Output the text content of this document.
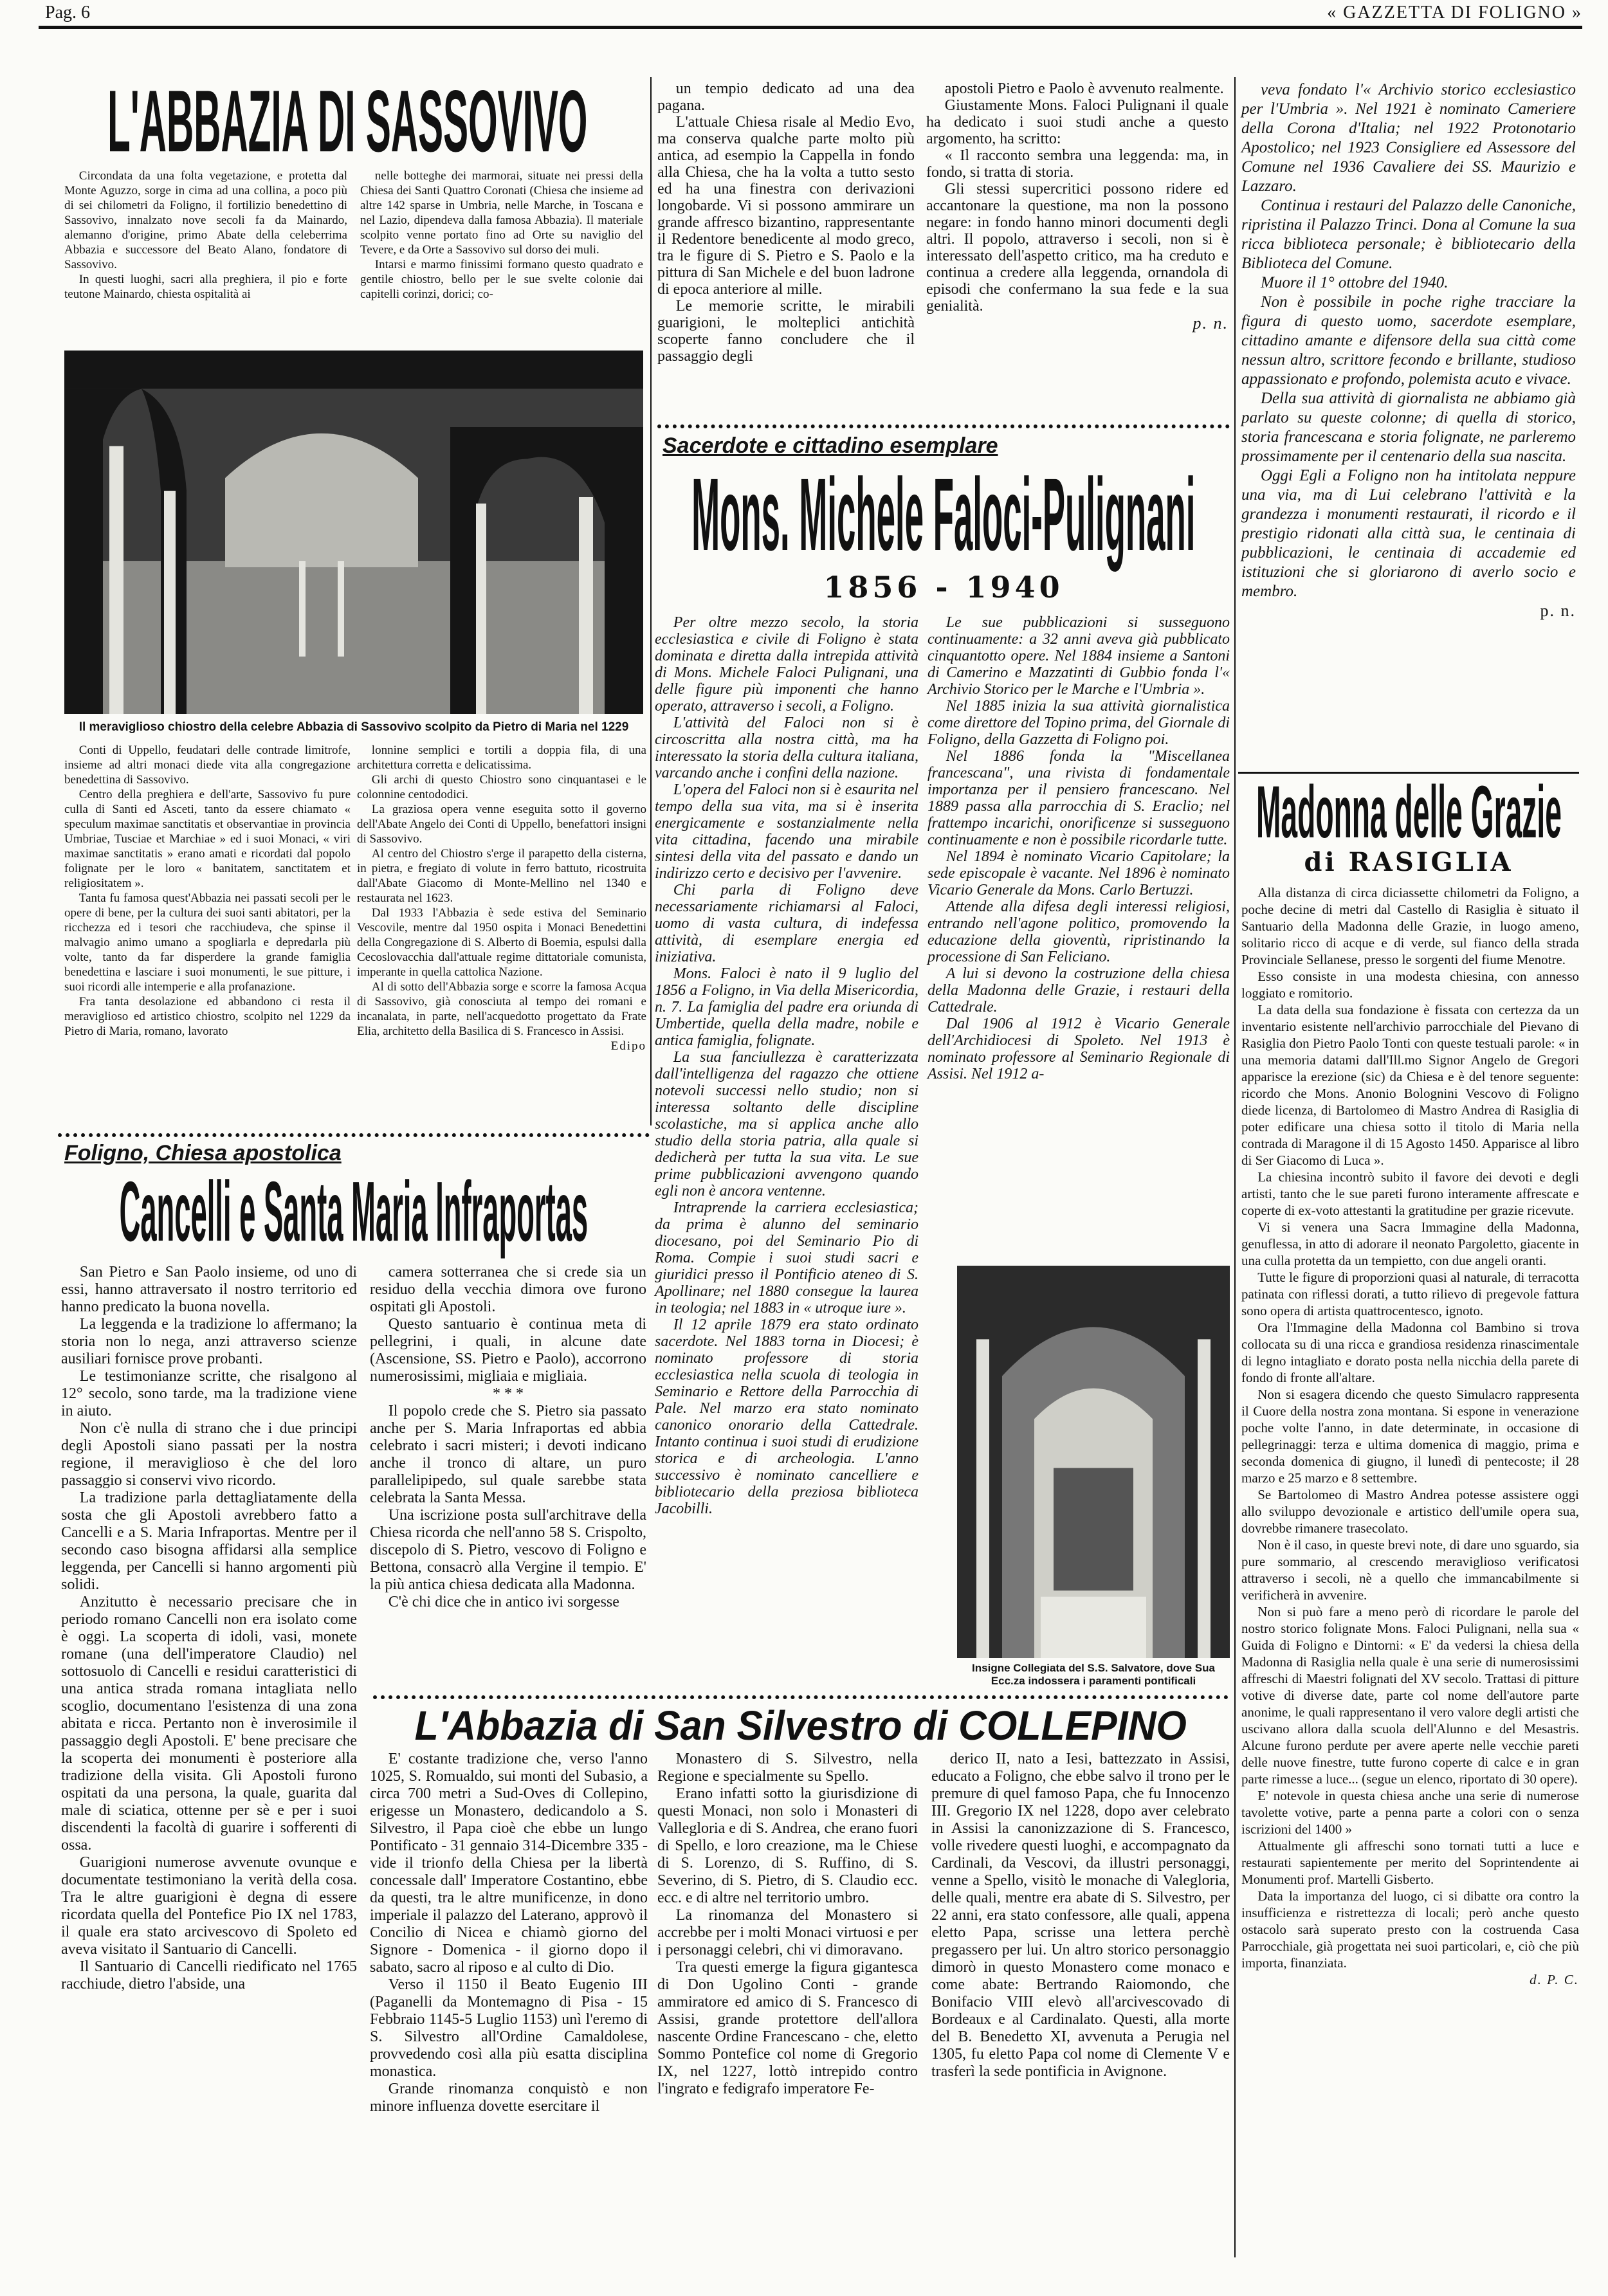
Pag. 6	« GAZZETTA DI FOLIGNO »
L'ABBAZIA DI SASSOVIVO

Circondata da una folta vegetazione, e protetta dal Monte Aguzzo, sorge in cima ad una collina, a poco più di sei chilometri da Foligno, il fortilizio benedettino di Sassovivo, innalzato nove secoli fa da Mainardo, alemanno d'origine, primo Abate della celeberrima Abbazia e successore del Beato Alano, fondatore di Sassovivo.

In questi luoghi, sacri alla preghiera, il pio e forte teutone Mainardo, chiesta ospitalità ai

nelle botteghe dei marmorai, situate nei pressi della Chiesa dei Santi Quattro Coronati (Chiesa che insieme ad altre 142 sparse in Umbria, nelle Marche, in Toscana e nel Lazio, dipendeva dalla famosa Abbazia). Il materiale scolpito venne portato fino ad Orte su naviglio del Tevere, e da Orte a Sassovivo sul dorso dei muli.

Intarsi e marmo finissimi formano questo quadrato e gentile chiostro, bello per le sue svelte colonie dai capitelli corinzi, dorici; co-

Il meraviglioso chiostro della celebre Abbazia di Sassovivo scolpito da Pietro di Maria nel 1229

Conti di Uppello, feudatari delle contrade limitrofe, insieme ad altri monaci diede vita alla congregazione benedettina di Sassovivo.

Centro della preghiera e dell'arte, Sassovivo fu pure culla di Santi ed Asceti, tanto da essere chiamato « speculum maximae sanctitatis et observantiae in provincia Umbriae, Tusciae et Marchiae » ed i suoi Monaci, « viri maximae sanctitatis » erano amati e ricordati dal popolo folignate per le loro « banitatem, sanctitatem et religiositatem ».

Tanta fu famosa quest'Abbazia nei passati secoli per le opere di bene, per la cultura dei suoi santi abitatori, per la ricchezza ed i tesori che racchiudeva, che spinse il malvagio animo umano a spogliarla e depredarla più volte, tanto da far disperdere la grande famiglia benedettina e lasciare i suoi monumenti, le sue pitture, i suoi ricordi alle intemperie e alla profanazione.

Fra tanta desolazione ed abbandono ci resta il meraviglioso ed artistico chiostro, scolpito nel 1229 da Pietro di Maria, romano, lavorato

lonnine semplici e tortili a doppia fila, di una architettura corretta e delicatissima.

Gli archi di questo Chiostro sono cinquantasei e le colonnine centododici.

La graziosa opera venne eseguita sotto il governo dell'Abate Angelo dei Conti di Uppello, benefattori insigni di Sassovivo.

Al centro del Chiostro s'erge il parapetto della cisterna, in pietra, e fregiato di volute in ferro battuto, ricostruita dall'Abate Giacomo di Monte-Mellino nel 1340 e restaurata nel 1623.

Dal 1933 l'Abbazia è sede estiva del Seminario Vescovile, mentre dal 1950 ospita i Monaci Benedettini della Congregazione di S. Alberto di Boemia, espulsi dalla Cecoslovacchia dall'attuale regime dittatoriale comunista, imperante in quella cattolica Nazione.

Al di sotto dell'Abbazia sorge e scorre la famosa Acqua di Sassovivo, già conosciuta al tempo dei romani e incanalata, in parte, nell'acquedotto progettato da Frate Elia, architetto della Basilica di S. Francesco in Assisi.

Edipo
Foligno, Chiesa apostolica
Cancelli e Santa Maria Infraportas

San Pietro e San Paolo insieme, od uno di essi, hanno attraversato il nostro territorio ed hanno predicato la buona novella.

La leggenda e la tradizione lo affermano; la storia non lo nega, anzi attraverso scienze ausiliari fornisce prove probanti.

Le testimonianze scritte, che risalgono al 12° secolo, sono tarde, ma la tradizione viene in aiuto.

Non c'è nulla di strano che i due principi degli Apostoli siano passati per la nostra regione, il meraviglioso è che del loro passaggio si conservi vivo ricordo.

La tradizione parla dettagliatamente della sosta che gli Apostoli avrebbero fatto a Cancelli e a S. Maria Infraportas. Mentre per il secondo caso bisogna affidarsi alla semplice leggenda, per Cancelli si hanno argomenti più solidi.

Anzitutto è necessario precisare che in periodo romano Cancelli non era isolato come è oggi. La scoperta di idoli, vasi, monete romane (una dell'imperatore Claudio) nel sottosuolo di Cancelli e residui caratteristici di una antica strada romana intagliata nello scoglio, documentano l'esistenza di una zona abitata e ricca. Pertanto non è inverosimile il passaggio degli Apostoli. E' bene precisare che la scoperta dei monumenti è posteriore alla tradizione della visita. Gli Apostoli furono ospitati da una persona, la quale, guarita dal male di sciatica, ottenne per sè e per i suoi discendenti la facoltà di guarire i sofferenti di ossa.

Guarigioni numerose avvenute ovunque e documentate testimoniano la verità della cosa. Tra le altre guarigioni è degna di essere ricordata quella del Pontefice Pio IX nel 1783, il quale era stato arcivescovo di Spoleto ed aveva visitato il Santuario di Cancelli.

Il Santuario di Cancelli riedificato nel 1765 racchiude, dietro l'abside, una

camera sotterranea che si crede sia un residuo della vecchia dimora ove furono ospitati gli Apostoli.

Questo santuario è continua meta di pellegrini, i quali, in alcune date (Ascensione, SS. Pietro e Paolo), accorrono numerosissimi, migliaia e migliaia.

* * *

Il popolo crede che S. Pietro sia passato anche per S. Maria Infraportas ed abbia celebrato i sacri misteri; i devoti indicano anche il tronco di altare, un puro parallelipipedo, sul quale sarebbe stata celebrata la Santa Messa.

Una iscrizione posta sull'architrave della Chiesa ricorda che nell'anno 58 S. Crispolto, discepolo di S. Pietro, vescovo di Foligno e Bettona, consacrò alla Vergine il tempio. E' la più antica chiesa dedicata alla Madonna.

C'è chi dice che in antico ivi sorgesse

un tempio dedicato ad una dea pagana.

L'attuale Chiesa risale al Medio Evo, ma conserva qualche parte molto più antica, ad esempio la Cappella in fondo alla Chiesa, che ha la volta a tutto sesto ed ha una finestra con derivazioni longobarde. Vi si possono ammirare un grande affresco bizantino, rappresentante il Redentore benedicente al modo greco, tra le figure di S. Pietro e S. Paolo e la pittura di San Michele e del buon ladrone di epoca anteriore al mille.

Le memorie scritte, le mirabili guarigioni, le molteplici antichità scoperte fanno concludere che il passaggio degli

apostoli Pietro e Paolo è avvenuto realmente.

Giustamente Mons. Faloci Pulignani il quale ha dedicato i suoi studi anche a questo argomento, ha scritto:

« Il racconto sembra una leggenda: ma, in fondo, si tratta di storia.

Gli stessi supercritici possono ridere ed accantonare la questione, ma non la possono negare: in fondo hanno minori documenti degli altri. Il popolo, attraverso i secoli, non si è interessato dell'aspetto critico, ma ha creduto e continua a credere alla leggenda, ornandola di episodi che confermano la sua fede e la sua genialità.

p. n.
Sacerdote e cittadino esemplare
Mons. Michele Faloci-Pulignani
1856 - 1940

Per oltre mezzo secolo, la storia ecclesiastica e civile di Foligno è stata dominata e diretta dalla intrepida attività di Mons. Michele Faloci Pulignani, una delle figure più imponenti che hanno operato, attraverso i secoli, a Foligno.

L'attività del Faloci non si è circoscritta alla nostra città, ma ha interessato la storia della cultura italiana, varcando anche i confini della nazione.

L'opera del Faloci non si è esaurita nel tempo della sua vita, ma si è inserita energicamente e sostanzialmente nella vita cittadina, facendo una mirabile sintesi della vita del passato e dando un indirizzo certo e decisivo per l'avvenire.

Chi parla di Foligno deve necessariamente richiamarsi al Faloci, uomo di vasta cultura, di indefessa attività, di esemplare energia ed iniziativa.

Mons. Faloci è nato il 9 luglio del 1856 a Foligno, in Via della Misericordia, n. 7. La famiglia del padre era oriunda di Umbertide, quella della madre, nobile e antica famiglia, folignate.

La sua fanciullezza è caratterizzata dall'intelligenza del ragazzo che ottiene notevoli successi nello studio; non si interessa soltanto delle discipline scolastiche, ma si applica anche allo studio della storia patria, alla quale si dedicherà per tutta la sua vita. Le sue prime pubblicazioni avvengono quando egli non è ancora ventenne.

Intraprende la carriera ecclesiastica; da prima è alunno del seminario diocesano, poi del Seminario Pio di Roma. Compie i suoi studi sacri e giuridici presso il Pontificio ateneo di S. Apollinare; nel 1880 consegue la laurea in teologia; nel 1883 in « utroque iure ».

Il 12 aprile 1879 era stato ordinato sacerdote. Nel 1883 torna in Diocesi; è nominato professore di storia ecclesiastica nella scuola di teologia in Seminario e Rettore della Parrocchia di Pale. Nel marzo era stato nominato canonico onorario della Cattedrale. Intanto continua i suoi studi di erudizione storica e di archeologia. L'anno successivo è nominato cancelliere e bibliotecario della preziosa biblioteca Jacobilli.

Le sue pubblicazioni si susseguono continuamente: a 32 anni aveva già pubblicato cinquantotto opere. Nel 1884 insieme a Santoni di Camerino e Mazzatinti di Gubbio fonda l'« Archivio Storico per le Marche e l'Umbria ».

Nel 1885 inizia la sua attività giornalistica come direttore del Topino prima, del Giornale di Foligno, della Gazzetta di Foligno poi.

Nel 1886 fonda la "Miscellanea francescana", una rivista di fondamentale importanza per il pensiero francescano. Nel 1889 passa alla parrocchia di S. Eraclio; nel frattempo incarichi, onorificenze si susseguono continuamente e non è possibile ricordarle tutte.

Nel 1894 è nominato Vicario Capitolare; la sede episcopale è vacante. Nel 1896 è nominato Vicario Generale da Mons. Carlo Bertuzzi.

Attende alla difesa degli interessi religiosi, entrando nell'agone politico, promovendo la educazione della gioventù, ripristinando la processione di San Feliciano.

A lui si devono la costruzione della chiesa della Madonna delle Grazie, i restauri della Cattedrale.

Dal 1906 al 1912 è Vicario Generale dell'Archidiocesi di Spoleto. Nel 1913 è nominato professore al Seminario Regionale di Assisi. Nel 1912 a-

Insigne Collegiata del S.S. Salvatore, dove Sua Ecc.za indossera i paramenti pontificali

veva fondato l'« Archivio storico ecclesiastico per l'Umbria ». Nel 1921 è nominato Cameriere della Corona d'Italia; nel 1922 Protonotario Apostolico; nel 1923 Consigliere ed Assessore del Comune nel 1936 Cavaliere dei SS. Maurizio e Lazzaro.

Continua i restauri del Palazzo delle Canoniche, ripristina il Palazzo Trinci. Dona al Comune la sua ricca biblioteca personale; è bibliotecario della Biblioteca del Comune.

Muore il 1° ottobre del 1940.

Non è possibile in poche righe tracciare la figura di questo uomo, sacerdote esemplare, cittadino amante e difensore della sua città come nessun altro, scrittore fecondo e brillante, studioso appassionato e profondo, polemista acuto e vivace.

Della sua attività di giornalista ne abbiamo già parlato su queste colonne; di quella di storico, storia francescana e storia folignate, ne parleremo prossimamente per il centenario della sua nascita.

Oggi Egli a Foligno non ha intitolata neppure una via, ma di Lui celebrano l'attività e la grandezza i monumenti restaurati, il ricordo e il prestigio ridonati alla città sua, le centinaia di pubblicazioni, le centinaia di accademie ed istituzioni che si gloriarono di averlo socio e membro.

p. n.
Madonna delle Grazie
di RASIGLIA

Alla distanza di circa diciassette chilometri da Foligno, a poche decine di metri dal Castello di Rasiglia è situato il Santuario della Madonna delle Grazie, in luogo ameno, solitario ricco di acque e di verde, sul fianco della strada Provinciale Sellanese, presso le sorgenti del fiume Menotre.

Esso consiste in una modesta chiesina, con annesso loggiato e romitorio.

La data della sua fondazione è fissata con certezza da un inventario esistente nell'archivio parrocchiale del Pievano di Rasiglia don Pietro Paolo Tonti con queste testuali parole: « in una memoria datami dall'Ill.mo Signor Angelo de Gregori apparisce la erezione (sic) da Chiesa e è del tenore seguente: ricordo che Mons. Anonio Bolognini Vescovo di Foligno diede licenza, di Bartolomeo di Mastro Andrea di Rasiglia di poter edificare una chiesa sotto il titolo di Maria nella contrada di Maragone il di 15 Agosto 1450. Apparisce al libro di Ser Giacomo di Luca ».

La chiesina incontrò subito il favore dei devoti e degli artisti, tanto che le sue pareti furono interamente affrescate e coperte di ex-voto attestanti la gratitudine per grazie ricevute.

Vi si venera una Sacra Immagine della Madonna, genuflessa, in atto di adorare il neonato Pargoletto, giacente in una culla protetta da un tempietto, con due angeli oranti.

Tutte le figure di proporzioni quasi al naturale, di terracotta patinata con riflessi dorati, a tutto rilievo di pregevole fattura sono opera di artista quattrocentesco, ignoto.

Ora l'Immagine della Madonna col Bambino si trova collocata su di una ricca e grandiosa residenza rinascimentale di legno intagliato e dorato posta nella nicchia della parete di fondo di fronte all'altare.

Non si esagera dicendo che questo Simulacro rappresenta il Cuore della nostra zona montana. Si espone in venerazione poche volte l'anno, in date determinate, in occasione di pellegrinaggi: terza e ultima domenica di maggio, prima e seconda domenica di giugno, il lunedì di pentecoste; il 28 marzo e 25 marzo e 8 settembre.

Se Bartolomeo di Mastro Andrea potesse assistere oggi allo sviluppo devozionale e artistico dell'umile opera sua, dovrebbe rimanere trasecolato.

Non è il caso, in queste brevi note, di dare uno sguardo, sia pure sommario, al crescendo meraviglioso verificatosi attraverso i secoli, nè a quello che immancabilmente si verificherà in avvenire.

Non si può fare a meno però di ricordare le parole del nostro storico folignate Mons. Faloci Pulignani, nella sua « Guida di Foligno e Dintorni: « E' da vedersi la chiesa della Madonna di Rasiglia nella quale è una serie di numerosissimi affreschi di Maestri folignati del XV secolo. Trattasi di pitture votive di diverse date, parte col nome dell'autore parte anonime, le quali rappresentano il vero valore degli artisti che uscivano allora dalla scuola dell'Alunno e del Mesastris. Alcune furono perdute per avere aperte nelle vecchie pareti delle nuove finestre, tutte furono coperte di calce e in gran parte rimesse a luce... (segue un elenco, riportato di 30 opere).

E' notevole in questa chiesa anche una serie di numerose tavolette votive, parte a penna parte a colori con o senza iscrizioni del 1400 »

Attualmente gli affreschi sono tornati tutti a luce e restaurati sapientemente per merito del Soprintendente ai Monumenti prof. Martelli Gisberto.

Data la importanza del luogo, ci si dibatte ora contro la insufficienza e ristrettezza di locali; però anche questo ostacolo sarà superato presto con la costruenda Casa Parrocchiale, già progettata nei suoi particolari, e, ciò che più importa, finanziata.

d. P. C.
L'Abbazia di San Silvestro di COLLEPINO

E' costante tradizione che, verso l'anno 1025, S. Romualdo, sui monti del Subasio, a circa 700 metri a Sud-Oves di Collepino, erigesse un Monastero, dedicandolo a S. Silvestro, il Papa cioè che ebbe un lungo Pontificato - 31 gennaio 314-Dicembre 335 - vide il trionfo della Chiesa per la libertà concessale dall' Imperatore Costantino, ebbe da questi, tra le altre munificenze, in dono imperiale il palazzo del Laterano, approvò il Concilio di Nicea e chiamò giorno del Signore - Domenica - il giorno dopo il sabato, sacro al riposo e al culto di Dio.

Verso il 1150 il Beato Eugenio III (Paganelli da Montemagno di Pisa - 15 Febbraio 1145-5 Luglio 1153) unì l'eremo di S. Silvestro all'Ordine Camaldolese, provvedendo così alla più esatta disciplina monastica.

Grande rinomanza conquistò e non minore influenza dovette esercitare il

Monastero di S. Silvestro, nella Regione e specialmente su Spello.

Erano infatti sotto la giurisdizione di questi Monaci, non solo i Monasteri di Vallegloria e di S. Andrea, che erano fuori di Spello, e loro creazione, ma le Chiese di S. Lorenzo, di S. Ruffino, di S. Severino, di S. Pietro, di S. Claudio ecc. ecc. e di altre nel territorio umbro.

La rinomanza del Monastero si accrebbe per i molti Monaci virtuosi e per i personaggi celebri, chi vi dimoravano.

Tra questi emerge la figura gigantesca di Don Ugolino Conti - grande ammiratore ed amico di S. Francesco di Assisi, grande protettore dell'allora nascente Ordine Francescano - che, eletto Sommo Pontefice col nome di Gregorio IX, nel 1227, lottò intrepido contro l'ingrato e fedigrafo imperatore Fe-

derico II, nato a Iesi, battezzato in Assisi, educato a Foligno, che ebbe salvo il trono per le premure di quel famoso Papa, che fu Innocenzo III. Gregorio IX nel 1228, dopo aver celebrato in Assisi la canonizzazione di S. Francesco, volle rivedere questi luoghi, e accompagnato da Cardinali, da Vescovi, da illustri personaggi, venne a Spello, visitò le monache di Valegloria, delle quali, mentre era abate di S. Silvestro, per 22 anni, era stato confessore, alle quali, appena eletto Papa, scrisse una lettera perchè pregassero per lui. Un altro storico personaggio dimorò in questo Monastero come monaco e come abate: Bertrando Raiomondo, che Bonifacio VIII elevò all'arcivescovado di Bordeaux e al Cardinalato. Questi, alla morte del B. Benedetto XI, avvenuta a Perugia nel 1305, fu eletto Papa col nome di Clemente V e trasferì la sede pontificia in Avignone.
